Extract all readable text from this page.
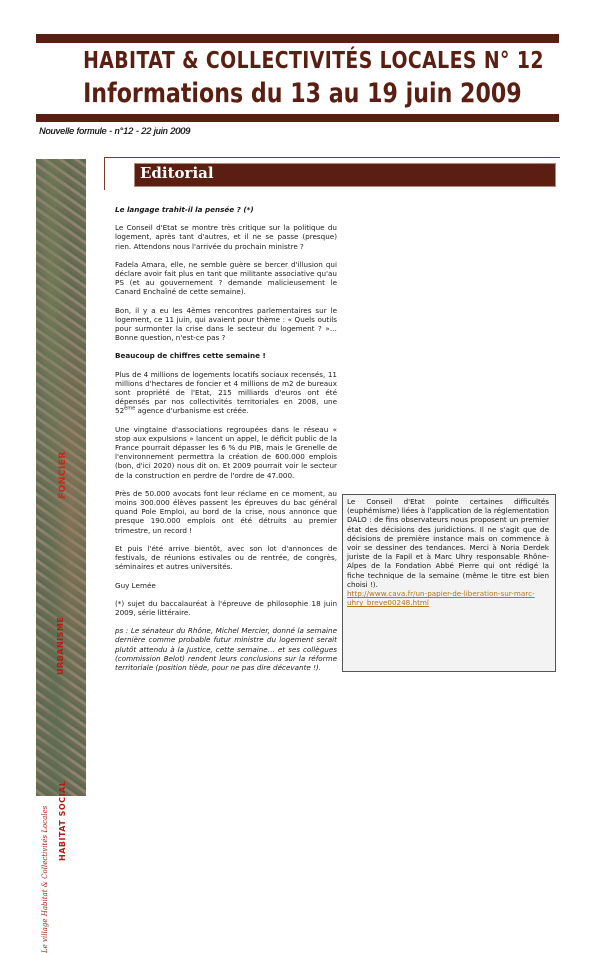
HABITAT & COLLECTIVITÉS LOCALES N° 12
Informations du 13 au 19 juin 2009
Nouvelle formule - n°12 - 22 juin 2009
FONCIER
URBANISME
HABITAT SOCIAL
Le village Habitat & Collectivités Locales
Editorial

Le langage trahit-il la pensée ? (*)

Le Conseil d'Etat se montre très critique sur la politique du logement, après tant d'autres, et il ne se passe (presque) rien. Attendons nous l'arrivée du prochain ministre ?

Fadela Amara, elle, ne semble guère se bercer d'illusion qui déclare avoir fait plus en tant que militante associative qu'au PS (et au gouvernement ? demande malicieusement le Canard Enchaîné de cette semaine).

Bon, il y a eu les 4èmes rencontres parlementaires sur le logement, ce 11 juin, qui avaient pour thème : « Quels outils pour surmonter la crise dans le secteur du logement ? »… Bonne question, n'est-ce pas ?

Beaucoup de chiffres cette semaine !

Plus de 4 millions de logements locatifs sociaux recensés, 11 millions d'hectares de foncier et 4 millions de m2 de bureaux sont propriété de l'Etat, 215 milliards d'euros ont été dépensés par nos collectivités territoriales en 2008, une 52ème agence d'urbanisme est créée.

Une vingtaine d'associations regroupées dans le réseau « stop aux expulsions » lancent un appel, le déficit public de la France pourrait dépasser les 6 % du PIB, mais le Grenelle de l'environnement permettra la création de 600.000 emplois (bon, d'ici 2020) nous dit on. Et 2009 pourrait voir le secteur de la construction en perdre de l'ordre de 47.000.

Près de 50.000 avocats font leur réclame en ce moment, au moins 300.000 élèves passent les épreuves du bac général quand Pole Emploi, au bord de la crise, nous annonce que presque 190.000 emplois ont été détruits au premier trimestre, un record !

Et puis l'été arrive bientôt, avec son lot d'annonces de festivals, de réunions estivales ou de rentrée, de congrès, séminaires et autres universités.

Guy Lemée

(*) sujet du baccalauréat à l'épreuve de philosophie 18 juin 2009, série littéraire.

ps : Le sénateur du Rhône, Michel Mercier, donné la semaine dernière comme probable futur ministre du logement serait plutôt attendu à la Justice, cette semaine… et ses collègues (commission Belot) rendent leurs conclusions sur la réforme territoriale (position tiède, pour ne pas dire décevante !).

Le Conseil d'Etat pointe certaines difficultés (euphémisme) liées à l'application de la réglementation DALO : de fins observateurs nous proposent un premier état des décisions des juridictions. Il ne s'agit que de décisions de première instance mais on commence à voir se dessiner des tendances. Merci à Noria Derdek juriste de la Fapil et à Marc Uhry responsable Rhône-Alpes de la Fondation Abbé Pierre qui ont rédigé la fiche technique de la semaine (même le titre est bien choisi !).
http://www.cava.fr/un-papier-de-liberation-sur-marc-uhry_breve00248.html
